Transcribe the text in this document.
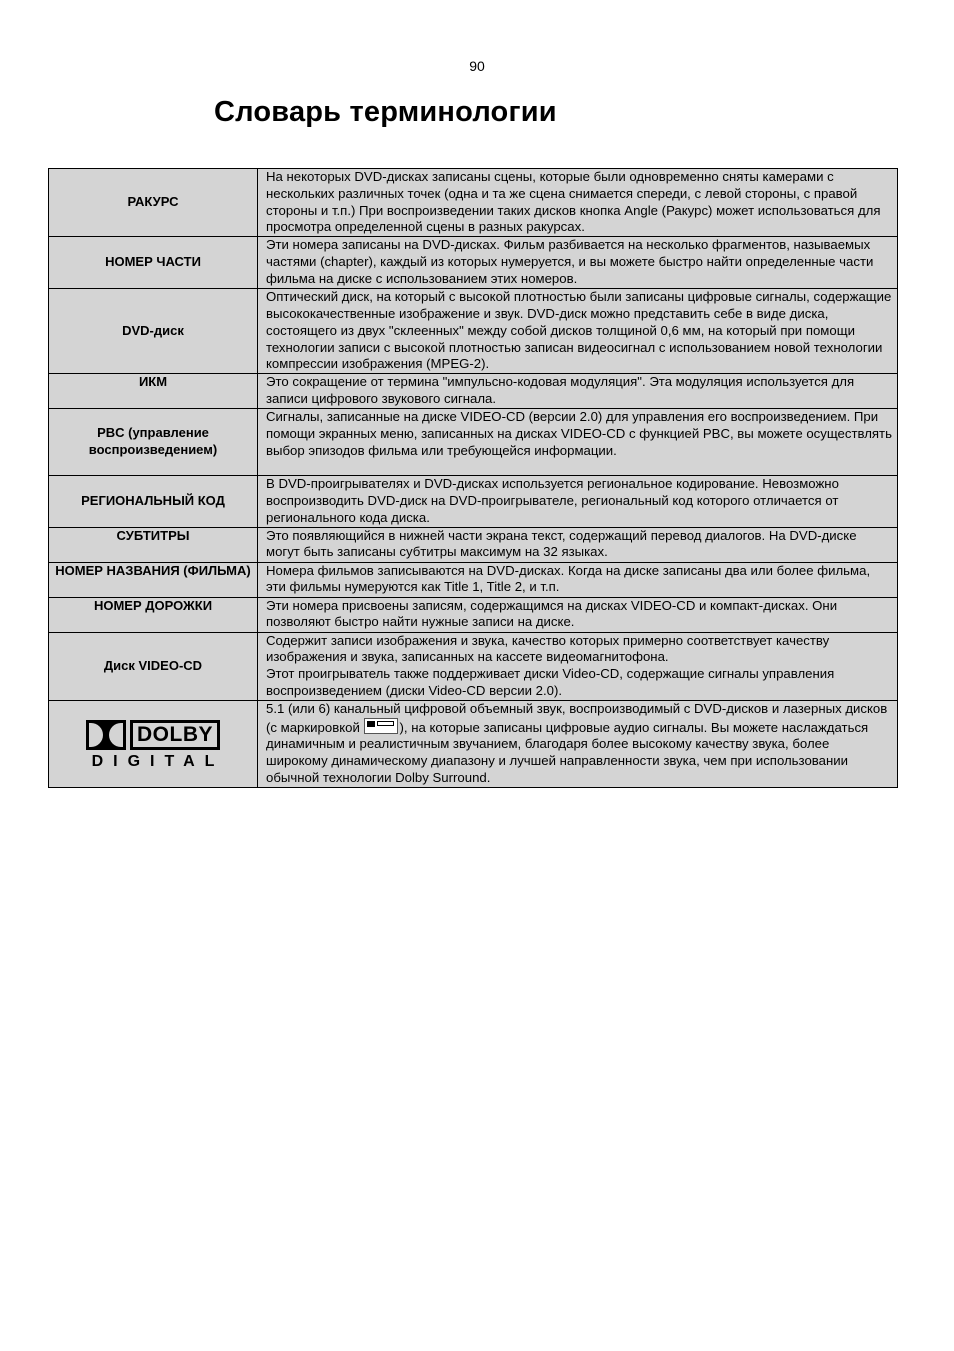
90
Словарь терминологии
РАКУРС	На некоторых DVD-дисках записаны сцены, которые были одновременно сняты камерами с нескольких различных точек (одна и та же сцена снимается спереди, с левой стороны, с правой стороны и т.п.) При воспроизведении таких дисков кнопка Angle (Ракурс) может использоваться для просмотра определенной сцены в разных ракурсах.
НОМЕР ЧАСТИ	Эти номера записаны на DVD-дисках. Фильм разбивается на несколько фрагментов, называемых частями (chapter), каждый из которых нумеруется, и вы можете быстро найти определенные части фильма на диске с использованием этих номеров.
DVD-диск	Оптический диск, на который с высокой плотностью были записаны цифровые сигналы, содержащие высококачественные изображение и звук. DVD-диск можно представить себе в виде диска, состоящего из двух "склеенных" между собой дисков толщиной 0,6 мм, на который при помощи технологии записи с высокой плотностью записан видеосигнал с использованием новой технологии компрессии изображения (MPEG-2).
ИКМ	Это сокращение от термина "импульсно-кодовая модуляция". Эта модуляция используется для записи цифрового звукового сигнала.
PBC (управление воспроизведением)	Сигналы, записанные на диске VIDEO-CD (версии 2.0) для управления его воспроизведением. При помощи экранных меню, записанных на дисках VIDEO-CD с функцией PBC, вы можете осуществлять выбор эпизодов фильма или требующейся информации.
РЕГИОНАЛЬНЫЙ КОД	В DVD-проигрывателях и DVD-дисках используется региональное кодирование. Невозможно воспроизводить DVD-диск на DVD-проигрывателе, региональный код которого отличается от регионального кода диска.
СУБТИТРЫ	Это появляющийся в нижней части экрана текст, содержащий перевод диалогов. На DVD-диске могут быть записаны субтитры максимум на 32 языках.
НОМЕР НАЗВАНИЯ (ФИЛЬМА)	Номера фильмов записываются на DVD-дисках. Когда на диске записаны два или более фильма, эти фильмы нумеруются как Title 1, Title 2, и т.п.
НОМЕР ДОРОЖКИ	Эти номера присвоены записям, содержащимся на дисках VIDEO-CD и компакт-дисках. Они позволяют быстро найти нужные записи на диске.
Диск VIDEO-CD	Содержит записи изображения и звука, качество которых примерно соответствует качеству изображения и звука, записанных на кассете видеомагнитофона.
Этот проигрыватель также поддерживает диски Video-CD, содержащие сигналы управления воспроизведением (диски Video-CD версии 2.0).

DOLBY
DIGITAL	5.1 (или 6) канальный цифровой объемный звук, воспроизводимый с DVD-дисков и лазерных дисков (с маркировкой ), на которые записаны цифровые аудио сигналы. Вы можете наслаждаться динамичным и реалистичным звучанием, благодаря более высокому качеству звука, более широкому динамическому диапазону и лучшей направленности звука, чем при использовании обычной технологии Dolby Surround.
